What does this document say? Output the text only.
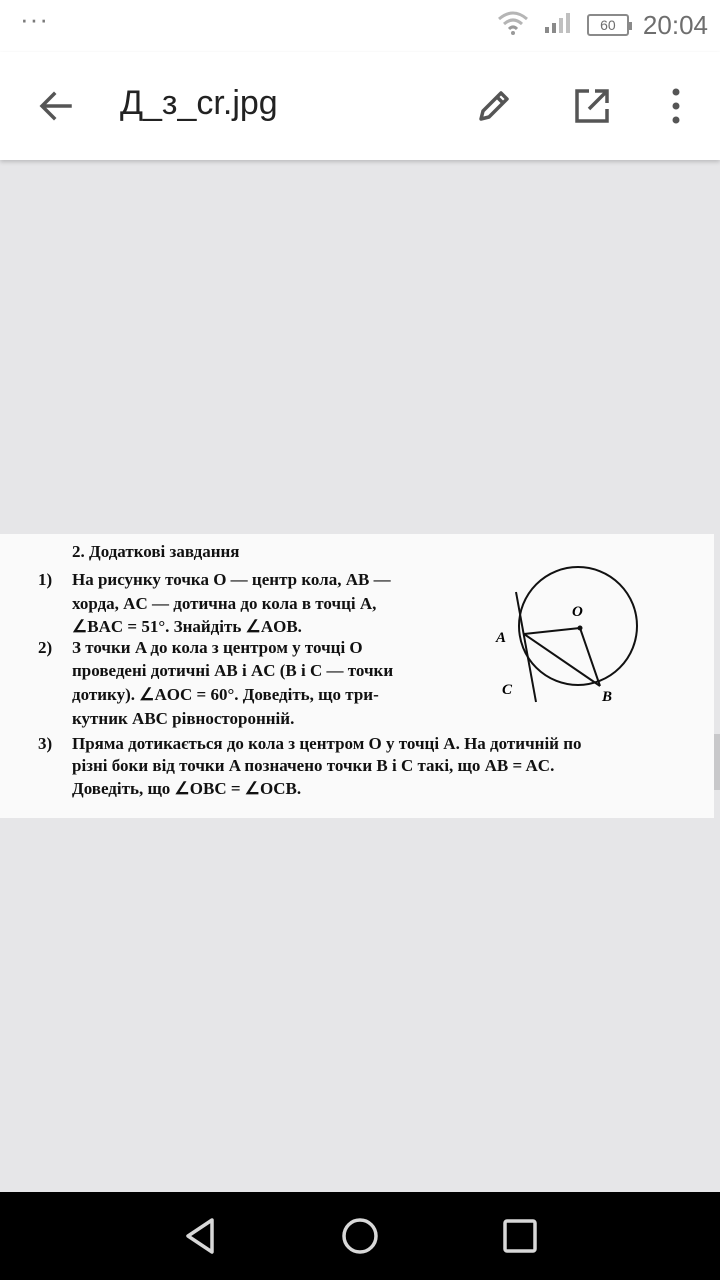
···	60	20:04
Д_з_cr.jpg
2. Додаткові завдання
1) На рисунку точка O — центр кола, AB —
хорда, AC — дотична до кола в точці A,
∠BAC = 51°. Знайдіть ∠AOB.
2) З точки A до кола з центром у точці O
проведені дотичні AB і AC (B і C — точки
дотику). ∠AOC = 60°. Доведіть, що три-
кутник ABC рівносторонній.
3) Пряма дотикається до кола з центром O у точці A. На дотичній по
різні боки від точки A позначено точки B і C такі, що AB = AC.
Доведіть, що ∠OBC = ∠OCB.
O
A
B
C
